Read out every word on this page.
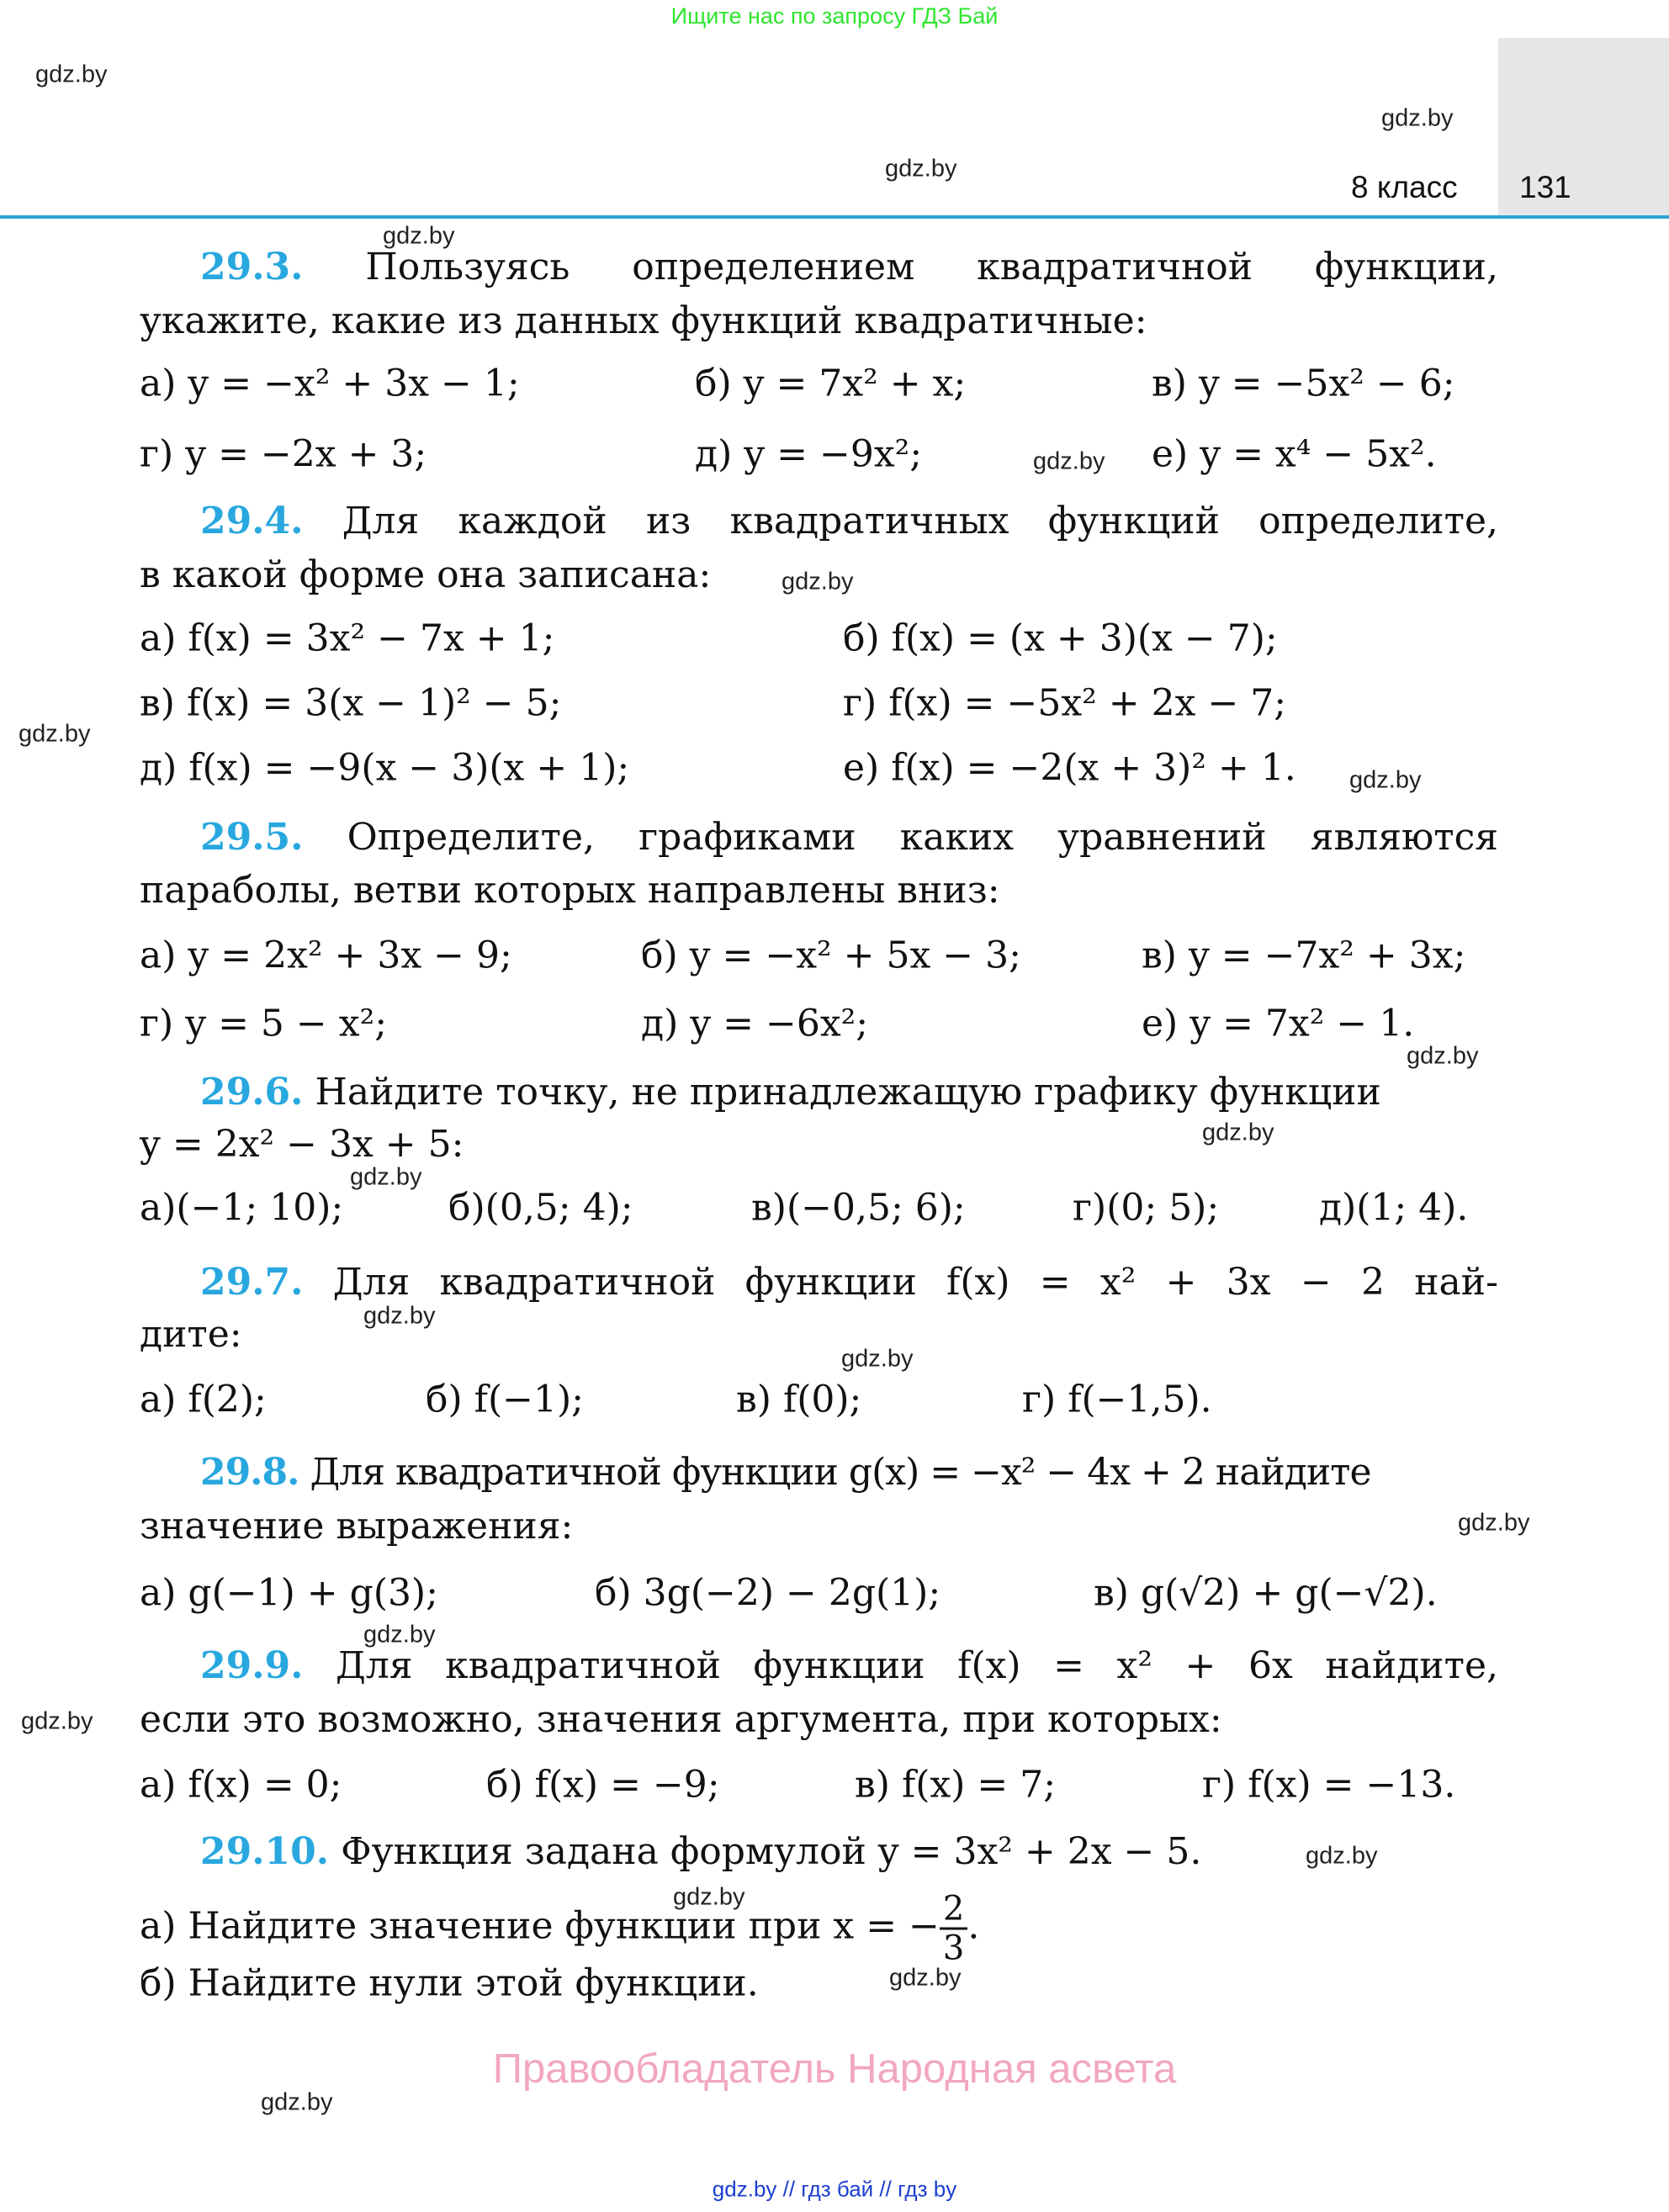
Ищите нас по запросу ГДЗ Бай
8 класс 131
gdz.by
gdz.by
gdz.by
gdz.by
gdz.by
gdz.by
gdz.by
gdz.by
gdz.by
gdz.by
gdz.by
gdz.by
gdz.by
gdz.by
gdz.by
gdz.by
gdz.by
gdz.by
gdz.by
gdz.by
29.3. Пользуясь определением квадратичной функции,
укажите, какие из данных функций квадратичные:
а) y = −x² + 3x − 1;	б) y = 7x² + x;	в) y = −5x² − 6;
г) y = −2x + 3;	д) y = −9x²;	е) y = x⁴ − 5x².
29.4. Для каждой из квадратичных функций определите,
в какой форме она записана:
а) f(x) = 3x² − 7x + 1;	б) f(x) = (x + 3)(x − 7);
в) f(x) = 3(x − 1)² − 5;	г) f(x) = −5x² + 2x − 7;
д) f(x) = −9(x − 3)(x + 1);	е) f(x) = −2(x + 3)² + 1.
29.5. Определите, графиками каких уравнений являются
параболы, ветви которых направлены вниз:
а) y = 2x² + 3x − 9;	б) y = −x² + 5x − 3;	в) y = −7x² + 3x;
г) y = 5 − x²;	д) y = −6x²;	е) y = 7x² − 1.
29.6. Найдите точку, не принадлежащую графику функции
y = 2x² − 3x + 5:
а)(−1; 10);	б)(0,5; 4);	в)(−0,5; 6);	г)(0; 5);	д)(1; 4).
29.7. Для квадратичной функции f(x) = x² + 3x − 2 най-
дите:
а) f(2);	б) f(−1);	в) f(0);	г) f(−1,5).
29.8. Для квадратичной функции g(x) = −x² − 4x + 2 найдите
значение выражения:
а) g(−1) + g(3);	б) 3g(−2) − 2g(1);	в) g(√2) + g(−√2).
29.9. Для квадратичной функции f(x) = x² + 6x найдите,
если это возможно, значения аргумента, при которых:
а) f(x) = 0;	б) f(x) = −9;	в) f(x) = 7;	г) f(x) = −13.
29.10. Функция задана формулой y = 3x² + 2x − 5.
а) Найдите значение функции при x = − $\frac{2}{3}$ .
б) Найдите нули этой функции.
Правообладатель Народная асвета
gdz.by // гдз бай // гдз by
